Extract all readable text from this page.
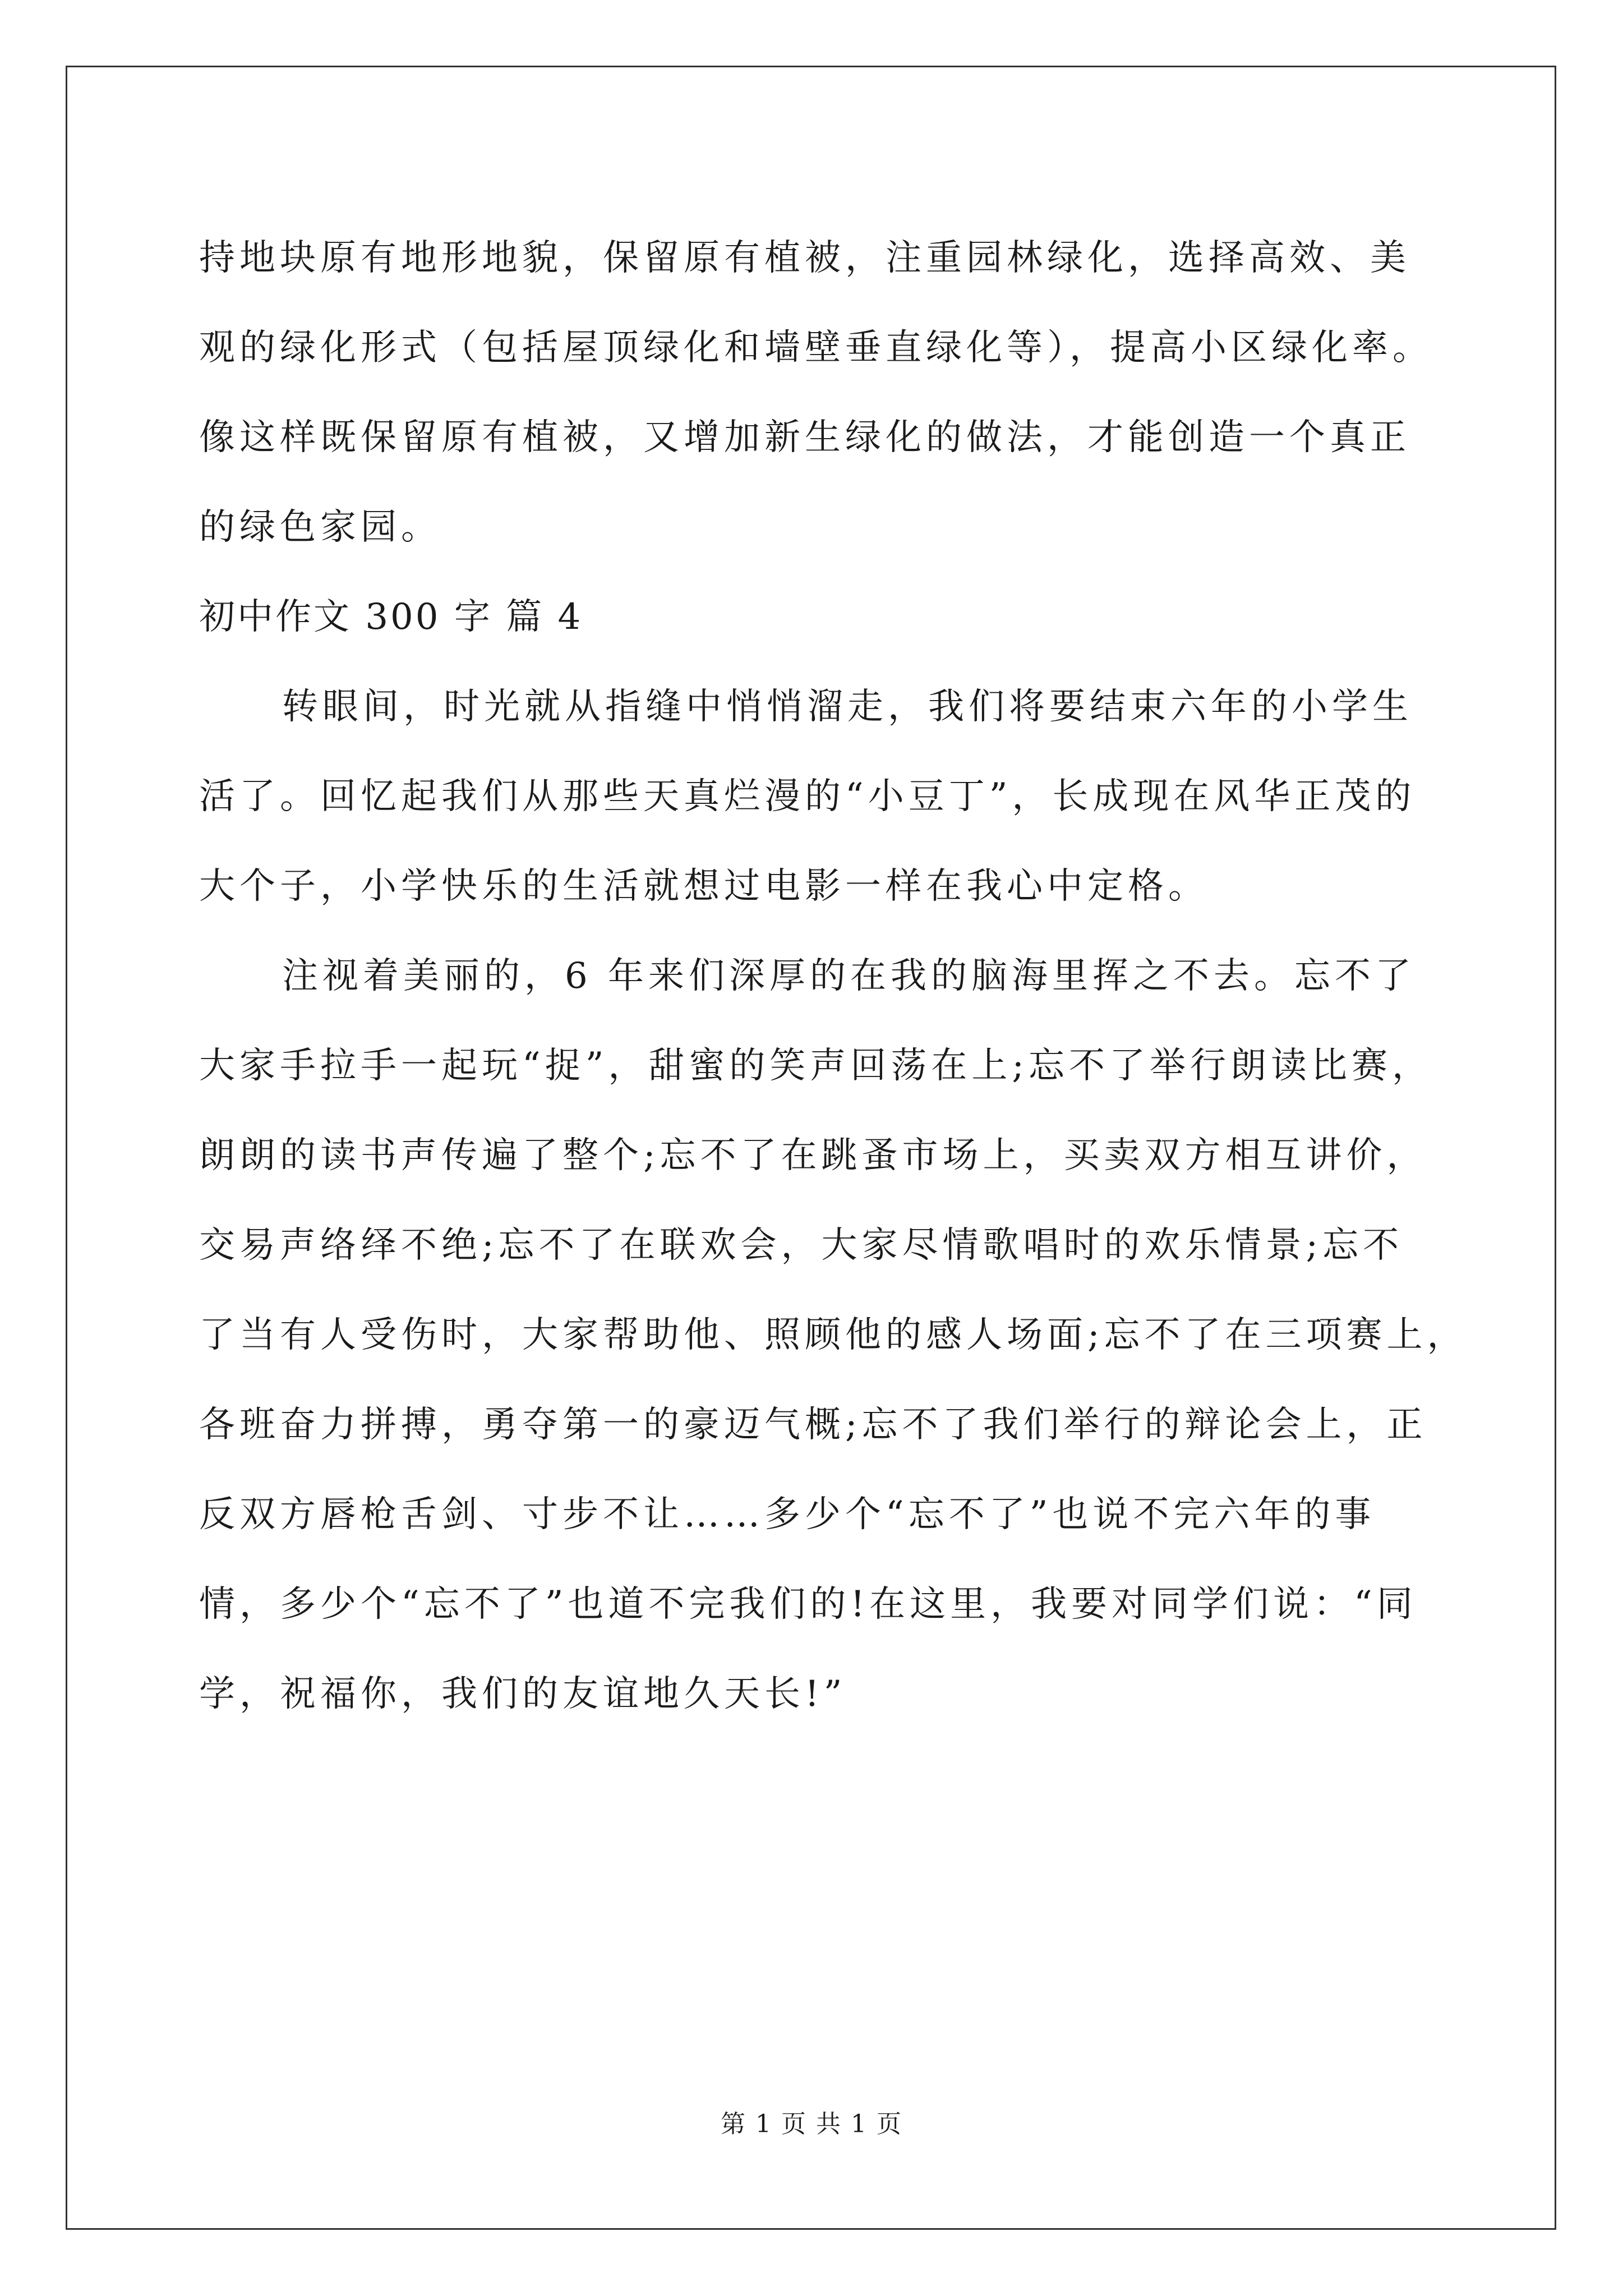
持地块原有地形地貌，保留原有植被，注重园林绿化，选择高效、美
观的绿化形式（包括屋顶绿化和墙壁垂直绿化等），提高小区绿化率。
像这样既保留原有植被，又增加新生绿化的做法，才能创造一个真正
的绿色家园。
初中作文 300 字 篇 4
转眼间，时光就从指缝中悄悄溜走，我们将要结束六年的小学生
活了。回忆起我们从那些天真烂漫的“小豆丁”，长成现在风华正茂的
大个子，小学快乐的生活就想过电影一样在我心中定格。
注视着美丽的，6 年来们深厚的在我的脑海里挥之不去。忘不了
大家手拉手一起玩“捉”，甜蜜的笑声回荡在上;忘不了举行朗读比赛，
朗朗的读书声传遍了整个;忘不了在跳蚤市场上，买卖双方相互讲价，
交易声络绎不绝;忘不了在联欢会，大家尽情歌唱时的欢乐情景;忘不
了当有人受伤时，大家帮助他、照顾他的感人场面;忘不了在三项赛上，
各班奋力拼搏，勇夺第一的豪迈气概;忘不了我们举行的辩论会上，正
反双方唇枪舌剑、寸步不让……多少个“忘不了”也说不完六年的事
情，多少个“忘不了”也道不完我们的!在这里，我要对同学们说：“同
学，祝福你，我们的友谊地久天长!”
第 1 页 共 1 页
